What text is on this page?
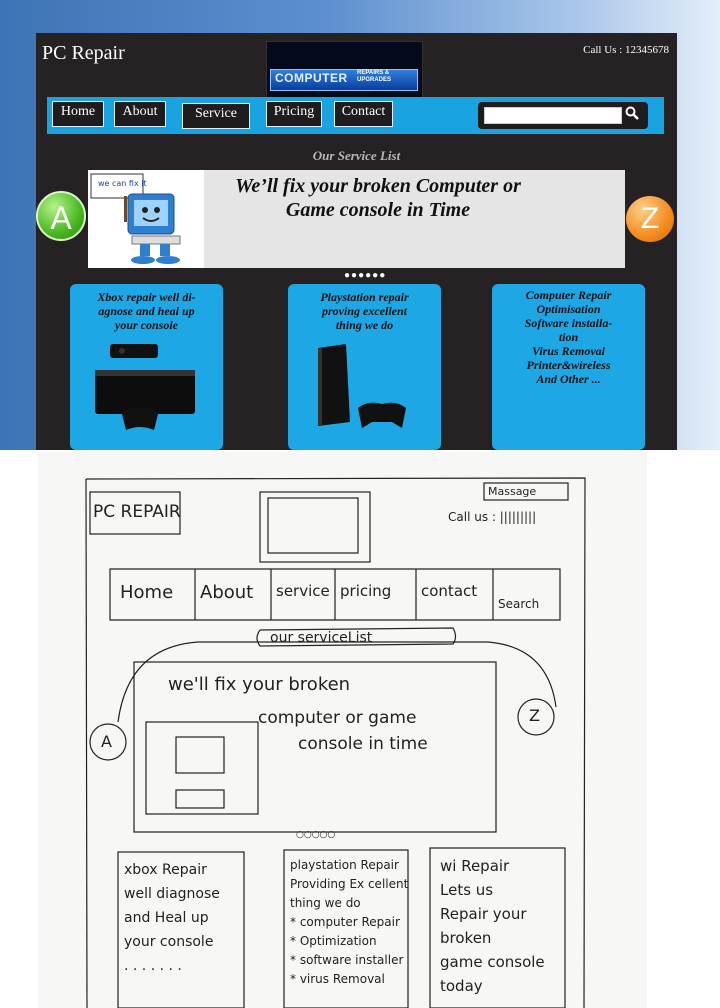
PC Repair
COMPUTER REPAIRS & UPGRADES
Call Us : 12345678
Home	About	Service	Pricing	Contact
Our Service List
A	Z
we can fix it	We’ll fix your broken Computer or Game console in Time
●●●●●●
Xbox repair well di-
agnose and heal up
your console
Playstation repair
proving excellent
thing we do
Computer Repair
Optimisation
Software installa-
tion
Virus Removal
Printer&wireless
And Other ...
PC REPAIR
Massage
Call us : |||||||||
Home About service pricing contact
Search
our serviceList
we'll fix your broken
computer or game
console in time
A
Z
○○○○○
xbox Repair
well diagnose
and Heal up
your console
. . . . . . .
playstation Repair
Providing Ex cellent
thing we do
* computer Repair
* Optimization
* software installer
* virus Removal
wi Repair
Lets us
Repair your
broken
game console
today
